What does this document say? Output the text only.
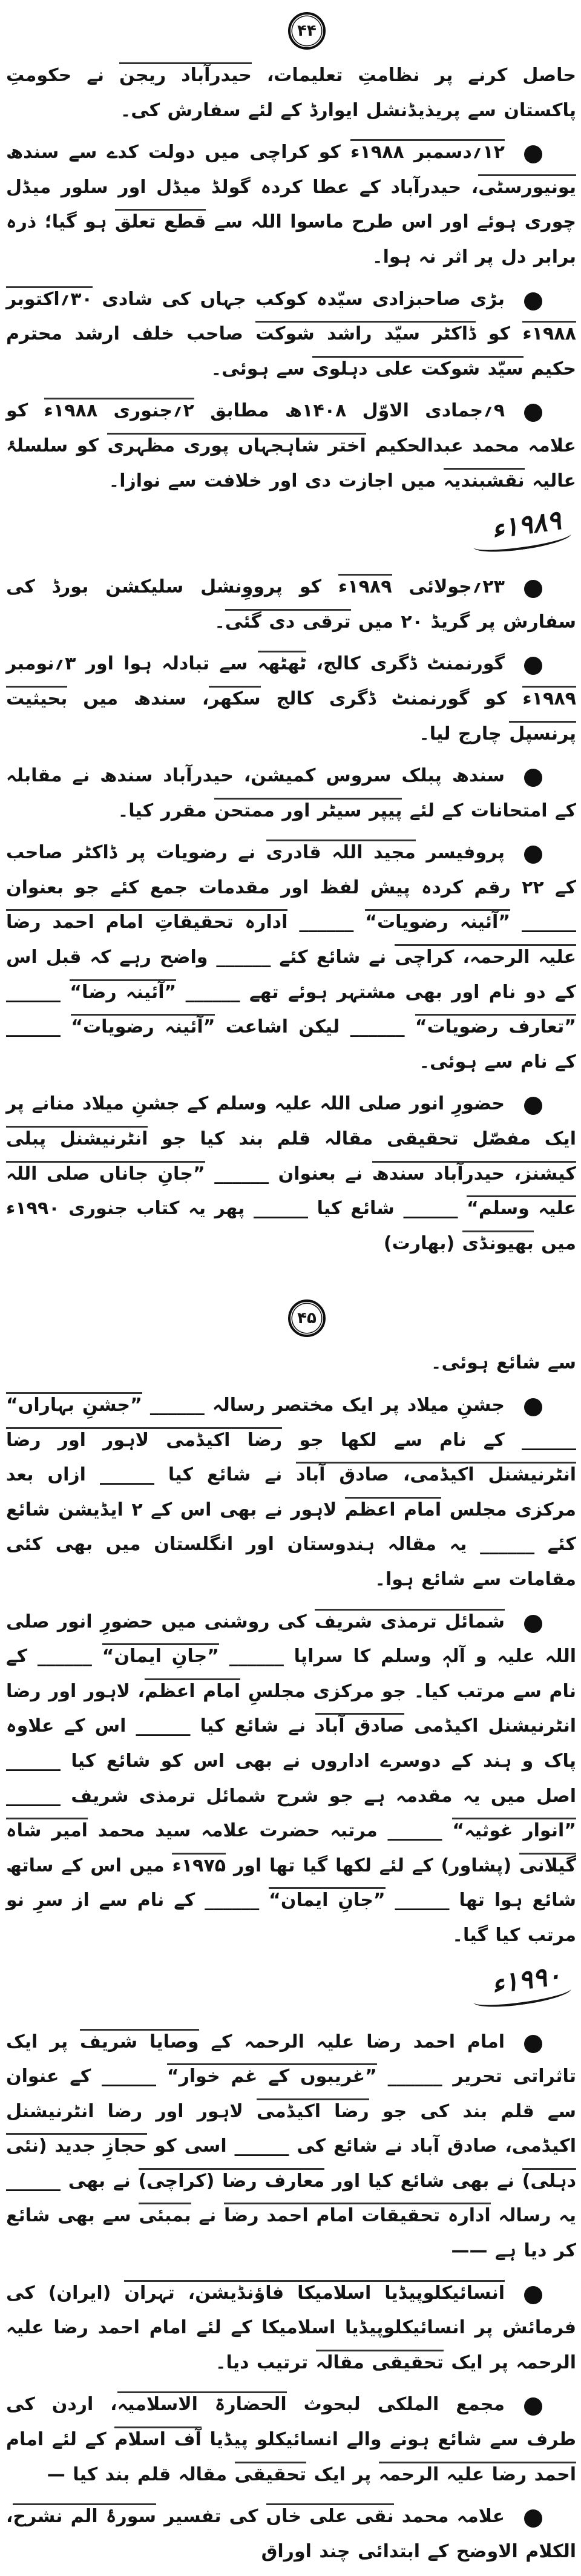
۴۴

حاصل کرنے پر نظامتِ تعلیمات، حیدرآباد ریجن نے حکومتِ پاکستان سے پریذیڈنشل ایوارڈ کے لئے سفارش کی۔

۱۲؍دسمبر ۱۹۸۸ء کو کراچی میں دولت کدے سے سندھ یونیورسٹی، حیدرآباد کے عطا کردہ گولڈ میڈل اور سلور میڈل چوری ہوئے اور اس طرح ماسوا اللہ سے قطع تعلق ہو گیا؛ ذرہ برابر دل پر اثر نہ ہوا۔

بڑی صاحبزادی سیّدہ کوکب جہاں کی شادی ۳۰؍اکتوبر ۱۹۸۸ء کو ڈاکٹر سیّد راشد شوکت صاحب خلف ارشد محترم حکیم سیّد شوکت علی دہلوی سے ہوئی۔

۹؍جمادی الاوّل ۱۴۰۸ھ مطابق ۲؍جنوری ۱۹۸۸ء کو علامہ محمد عبدالحکیم اختر شاہجہاں پوری مظہری کو سلسلۂ عالیہ نقشبندیہ میں اجازت دی اور خلافت سے نوازا۔

۱۹۸۹ء

۲۳؍جولائی ۱۹۸۹ء کو پرووِنشل سلیکشن بورڈ کی سفارش پر گریڈ ۲۰ میں ترقی دی گئی۔

گورنمنٹ ڈگری کالج، ٹھٹھہ سے تبادلہ ہوا اور ۳؍نومبر ۱۹۸۹ء کو گورنمنٹ ڈگری کالج سکھر، سندھ میں بحیثیت پرنسپل چارج لیا۔

سندھ پبلک سروس کمیشن، حیدرآباد سندھ نے مقابلہ کے امتحانات کے لئے پیپر سیٹر اور ممتحن مقرر کیا۔

پروفیسر مجید اللہ قادری نے رضویات پر ڈاکٹر صاحب کے ۲۲ رقم کردہ پیش لفظ اور مقدمات جمع کئے جو بعنوان ______ ”آئینہ رضویات“ ______ ادارہ تحقیقاتِ امام احمد رضا علیہ الرحمہ، کراچی نے شائع کئے ______ واضح رہے کہ قبل اس کے دو نام اور بھی مشتہر ہوئے تھے ______ ”آئینہ رضا“ ______ ”تعارف رضویات“ ______ لیکن اشاعت ”آئینہ رضویات“ ______ کے نام سے ہوئی۔

حضورِ انور صلی اللہ علیہ وسلم کے جشنِ میلاد منانے پر ایک مفصّل تحقیقی مقالہ قلم بند کیا جو انٹرنیشنل پبلی کیشنز، حیدرآباد سندھ نے بعنوان ______ ”جانِ جاناں صلی اللہ علیہ وسلم“ ______ شائع کیا ______ پھر یہ کتاب جنوری ۱۹۹۰ء میں بھیونڈی (بھارت)

۴۵

سے شائع ہوئی۔

جشنِ میلاد پر ایک مختصر رسالہ ______ ”جشنِ بہاراں“ ______ کے نام سے لکھا جو رضا اکیڈمی لاہور اور رضا انٹرنیشنل اکیڈمی، صادق آباد نے شائع کیا ______ ازاں بعد مرکزی مجلس امام اعظم لاہور نے بھی اس کے ۲ ایڈیشن شائع کئے ______ یہ مقالہ ہندوستان اور انگلستان میں بھی کئی مقامات سے شائع ہوا۔

شمائل ترمذی شریف کی روشنی میں حضورِ انور صلی اللہ علیہ و آلہٖ وسلم کا سراپا ______ ”جانِ ایمان“ ______ کے نام سے مرتب کیا۔ جو مرکزی مجلسِ امام اعظم، لاہور اور رضا انٹرنیشنل اکیڈمی صادق آباد نے شائع کیا ______ اس کے علاوہ پاک و ہند کے دوسرے اداروں نے بھی اس کو شائع کیا ______ اصل میں یہ مقدمہ ہے جو شرح شمائل ترمذی شریف ______ ”انوار غوثیہ“ ______ مرتبہ حضرت علامہ سید محمد امیر شاہ گیلانی (پشاور) کے لئے لکھا گیا تھا اور ۱۹۷۵ء میں اس کے ساتھ شائع ہوا تھا ______ ”جانِ ایمان“ ______ کے نام سے از سرِ نو مرتب کیا گیا۔

۱۹۹۰ء

امام احمد رضا علیہ الرحمہ کے وصایا شریف پر ایک تاثراتی تحریر ______ ”غریبوں کے غم خوار“ ______ کے عنوان سے قلم بند کی جو رضا اکیڈمی لاہور اور رضا انٹرنیشنل اکیڈمی، صادق آباد نے شائع کی ______ اسی کو حجازِ جدید (نئی دہلی) نے بھی شائع کیا اور معارف رضا (کراچی) نے بھی ______ یہ رسالہ ادارہ تحقیقات امام احمد رضا نے بمبئی سے بھی شائع کر دیا ہے ——

انسائیکلوپیڈیا اسلامیکا فاؤنڈیشن، تہران (ایران) کی فرمائش پر انسائیکلوپیڈیا اسلامیکا کے لئے امام احمد رضا علیہ الرحمہ پر ایک تحقیقی مقالہ ترتیب دیا۔

مجمع الملکی لبحوث الحضارۃ الاسلامیہ، اردن کی طرف سے شائع ہونے والے انسائیکلو پیڈیا آف اسلام کے لئے امام احمد رضا علیہ الرحمہ پر ایک تحقیقی مقالہ قلم بند کیا —

علامہ محمد نقی علی خاں کی تفسیر سورۂ الم نشرح، الکلام الاوضح کے ابتدائی چند اوراق
